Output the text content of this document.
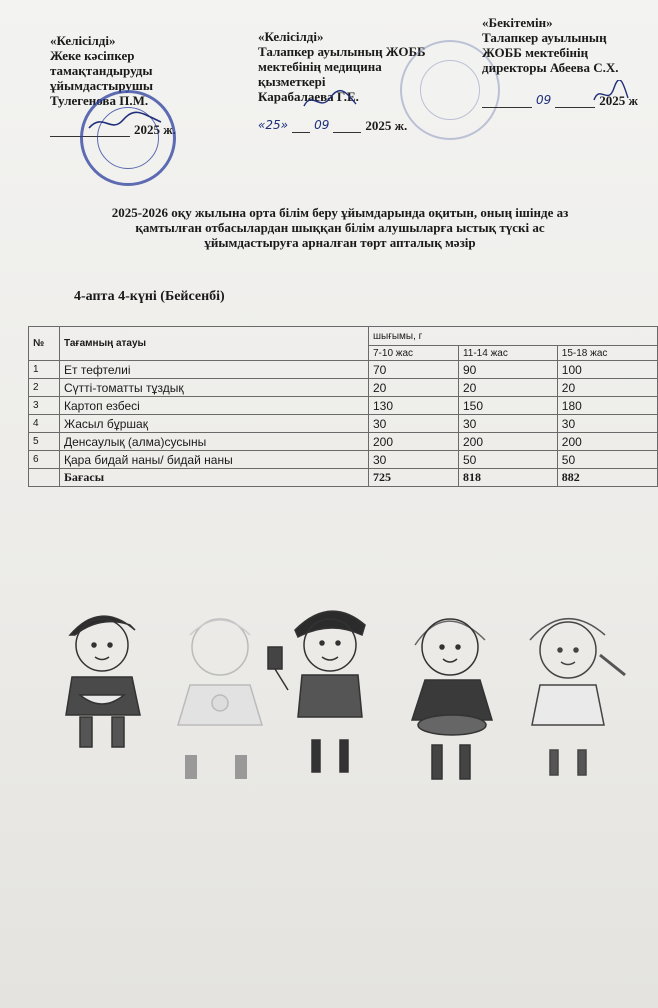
«Келісілді»
Жеке кәсіпкер
тамақтандыруды
ұйымдастырушы
Тулегенова П.М.
2025 ж.
«Келісілді»
Талапкер ауылының ЖОББ
мектебінің медицина
қызметкері
Карабалаева Г.Е.
«25» 09	2025 ж.
«Бекітемін»
Талапкер ауылының
ЖОББ мектебінің
директоры Абеева С.Х.
09	2025 ж
2025-2026 оқу жылына орта білім беру ұйымдарында оқитын, оның ішінде аз
қамтылған отбасылардан шыққан білім алушыларға ыстық түскі ас
ұйымдастыруға арналған төрт апталық мәзір
4-апта 4-күні (Бейсенбі)
№	Тағамның атауы	шығымы, г		
		7-10 жас	11-14 жас	15-18 жас
1	Ет тефтелиі	70	90	100
2	Сүтті-томатты тұздық	20	20	20
3	Картоп езбесі	130	150	180
4	Жасыл бұршақ	30	30	30
5	Денсаулық (алма)сусыны	200	200	200
6	Қара бидай наны/ бидай наны	30	50	50
	Бағасы	725	818	882
